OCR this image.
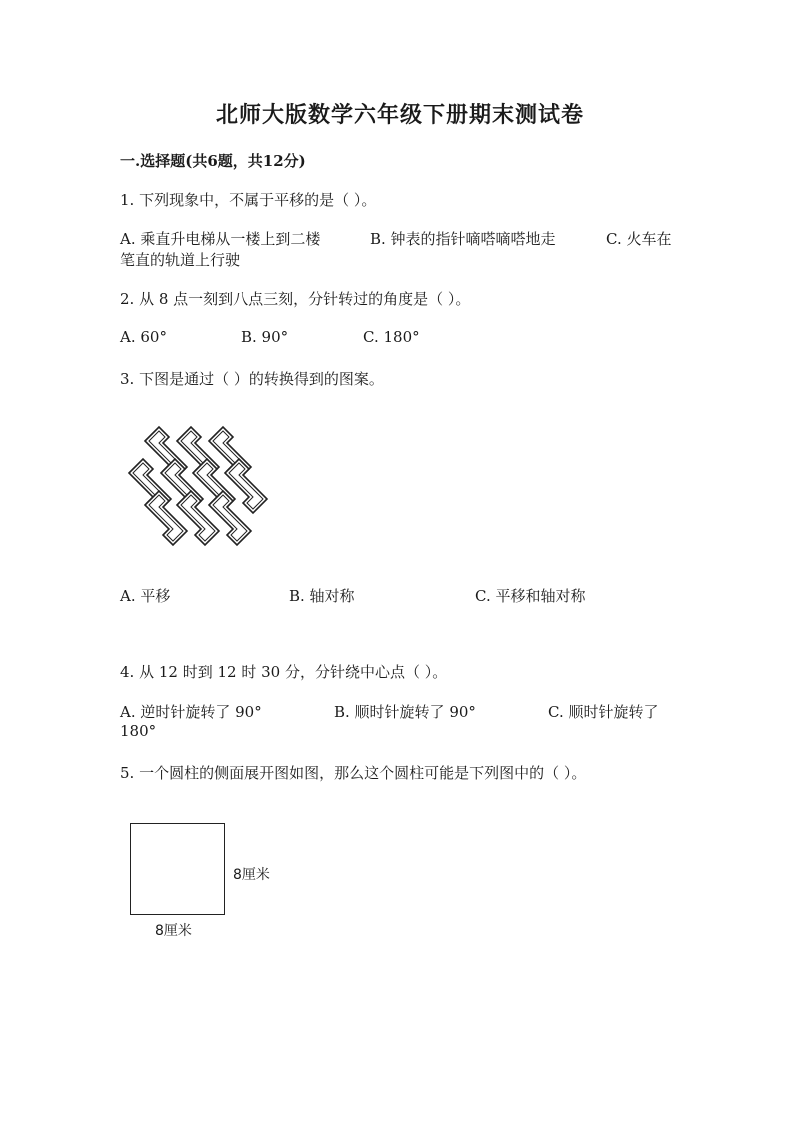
北师大版数学六年级下册期末测试卷
一.选择题(共6题，共12分)
1. 下列现象中，不属于平移的是（ ）。
A. 乘直升电梯从一楼上到二楼	B. 钟表的指针嘀嗒嘀嗒地走	C. 火车在
笔直的轨道上行驶
2. 从 8 点一刻到八点三刻，分针转过的角度是（ ）。
A. 60°	B. 90°	C. 180°
3. 下图是通过（ ）的转换得到的图案。
A. 平移	B. 轴对称	C. 平移和轴对称
4. 从 12 时到 12 时 30 分，分针绕中心点（ ）。
A. 逆时针旋转了 90°	B. 顺时针旋转了 90°	C. 顺时针旋转了
180°
5. 一个圆柱的侧面展开图如图，那么这个圆柱可能是下列图中的（ ）。
8厘米
8厘米
